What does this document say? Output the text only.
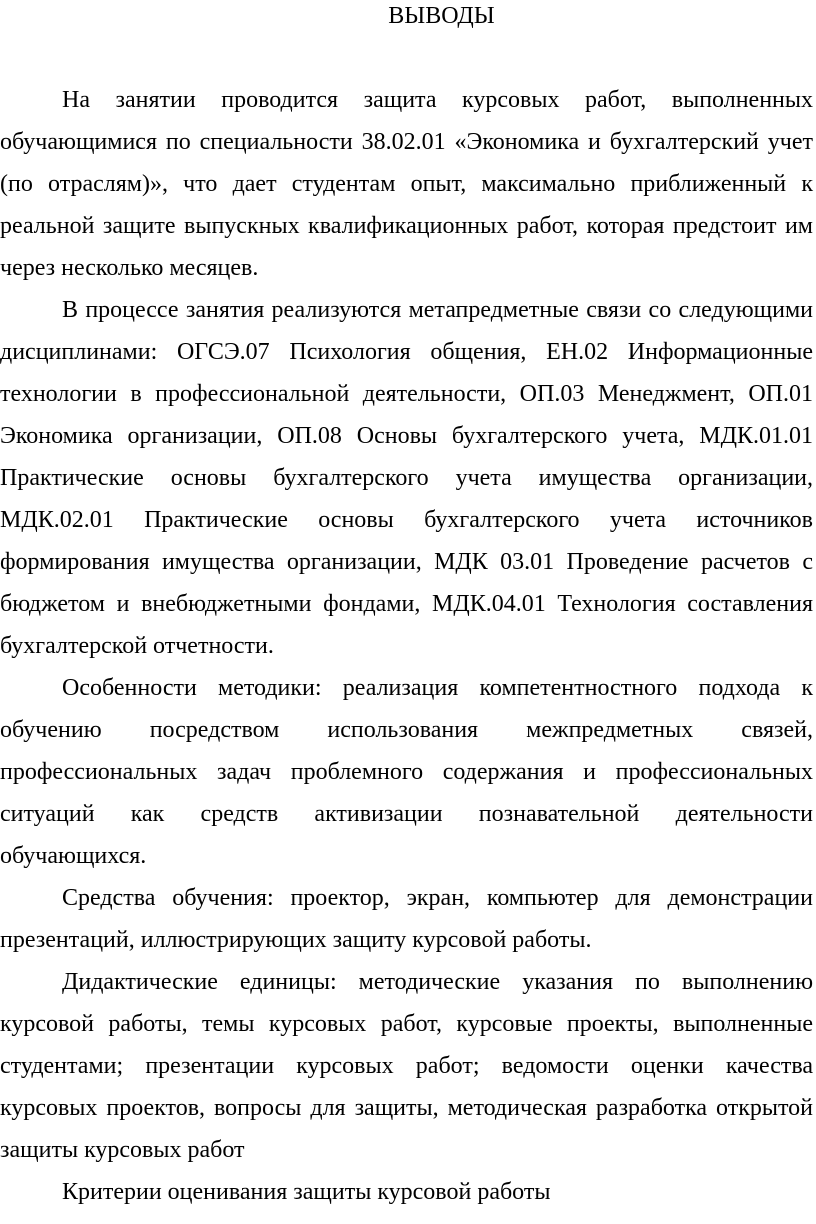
ВЫВОДЫ

На занятии проводится защита курсовых работ, выполненных обучающимися по специальности 38.02.01 «Экономика и бухгалтерский учет (по отраслям)», что дает студентам опыт, максимально приближенный к реальной защите выпускных квалификационных работ, которая предстоит им через несколько месяцев.

В процессе занятия реализуются метапредметные связи со следующими дисциплинами: ОГСЭ.07 Психология общения, ЕН.02 Информационные технологии в профессиональной деятельности, ОП.03 Менеджмент, ОП.01 Экономика организации, ОП.08 Основы бухгалтерского учета, МДК.01.01 Практические основы бухгалтерского учета имущества организации, МДК.02.01 Практические основы бухгалтерского учета источников формирования имущества организации, МДК 03.01 Проведение расчетов с бюджетом и внебюджетными фондами, МДК.04.01 Технология составления бухгалтерской отчетности.

Особенности методики: реализация компетентностного подхода к обучению посредством использования межпредметных связей, профессиональных задач проблемного содержания и профессиональных ситуаций как средств активизации познавательной деятельности обучающихся.

Средства обучения: проектор, экран, компьютер для демонстрации презентаций, иллюстрирующих защиту курсовой работы.

Дидактические единицы: методические указания по выполнению курсовой работы, темы курсовых работ, курсовые проекты, выполненные студентами; презентации курсовых работ; ведомости оценки качества курсовых проектов, вопросы для защиты, методическая разработка открытой защиты курсовых работ

Критерии оценивания защиты курсовой работы
